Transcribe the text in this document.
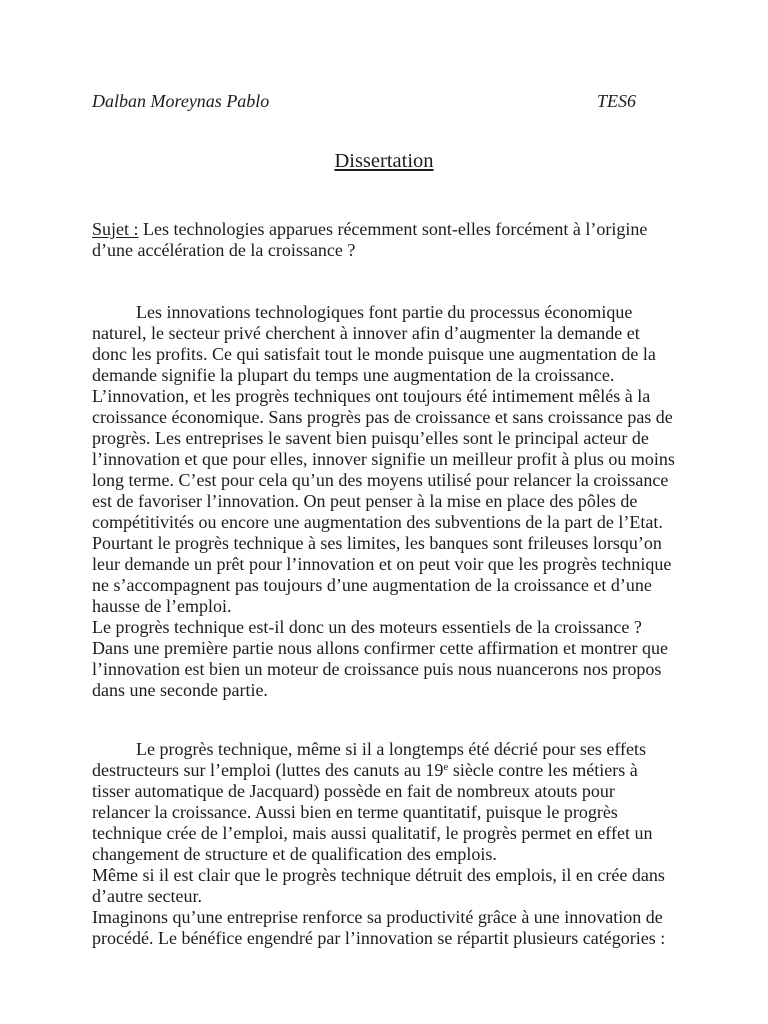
Dalban Moreynas Pablo	TES6
Dissertation
Sujet : Les technologies apparues récemment sont-elles forcément à l’origine
d’une accélération de la croissance ?
Les innovations technologiques font partie du processus économique
naturel, le secteur privé cherchent à innover afin d’augmenter la demande et
donc les profits. Ce qui satisfait tout le monde puisque une augmentation de la
demande signifie la plupart du temps une augmentation de la croissance.
L’innovation, et les progrès techniques ont toujours été intimement mêlés à la
croissance économique. Sans progrès pas de croissance et sans croissance pas de
progrès. Les entreprises le savent bien puisqu’elles sont le principal acteur de
l’innovation et que pour elles, innover signifie un meilleur profit à plus ou moins
long terme. C’est pour cela qu’un des moyens utilisé pour relancer la croissance
est de favoriser l’innovation. On peut penser à la mise en place des pôles de
compétitivités ou encore une augmentation des subventions de la part de l’Etat.
Pourtant le progrès technique à ses limites, les banques sont frileuses lorsqu’on
leur demande un prêt pour l’innovation et on peut voir que les progrès technique
ne s’accompagnent pas toujours d’une augmentation de la croissance et d’une
hausse de l’emploi.
Le progrès technique est-il donc un des moteurs essentiels de la croissance ?
Dans une première partie nous allons confirmer cette affirmation et montrer que
l’innovation est bien un moteur de croissance puis nous nuancerons nos propos
dans une seconde partie.
Le progrès technique, même si il a longtemps été décrié pour ses effets
destructeurs sur l’emploi (luttes des canuts au 19e siècle contre les métiers à
tisser automatique de Jacquard) possède en fait de nombreux atouts pour
relancer la croissance. Aussi bien en terme quantitatif, puisque le progrès
technique crée de l’emploi, mais aussi qualitatif, le progrès permet en effet un
changement de structure et de qualification des emplois.
Même si il est clair que le progrès technique détruit des emplois, il en crée dans
d’autre secteur.
Imaginons qu’une entreprise renforce sa productivité grâce à une innovation de
procédé. Le bénéfice engendré par l’innovation se répartit plusieurs catégories :
